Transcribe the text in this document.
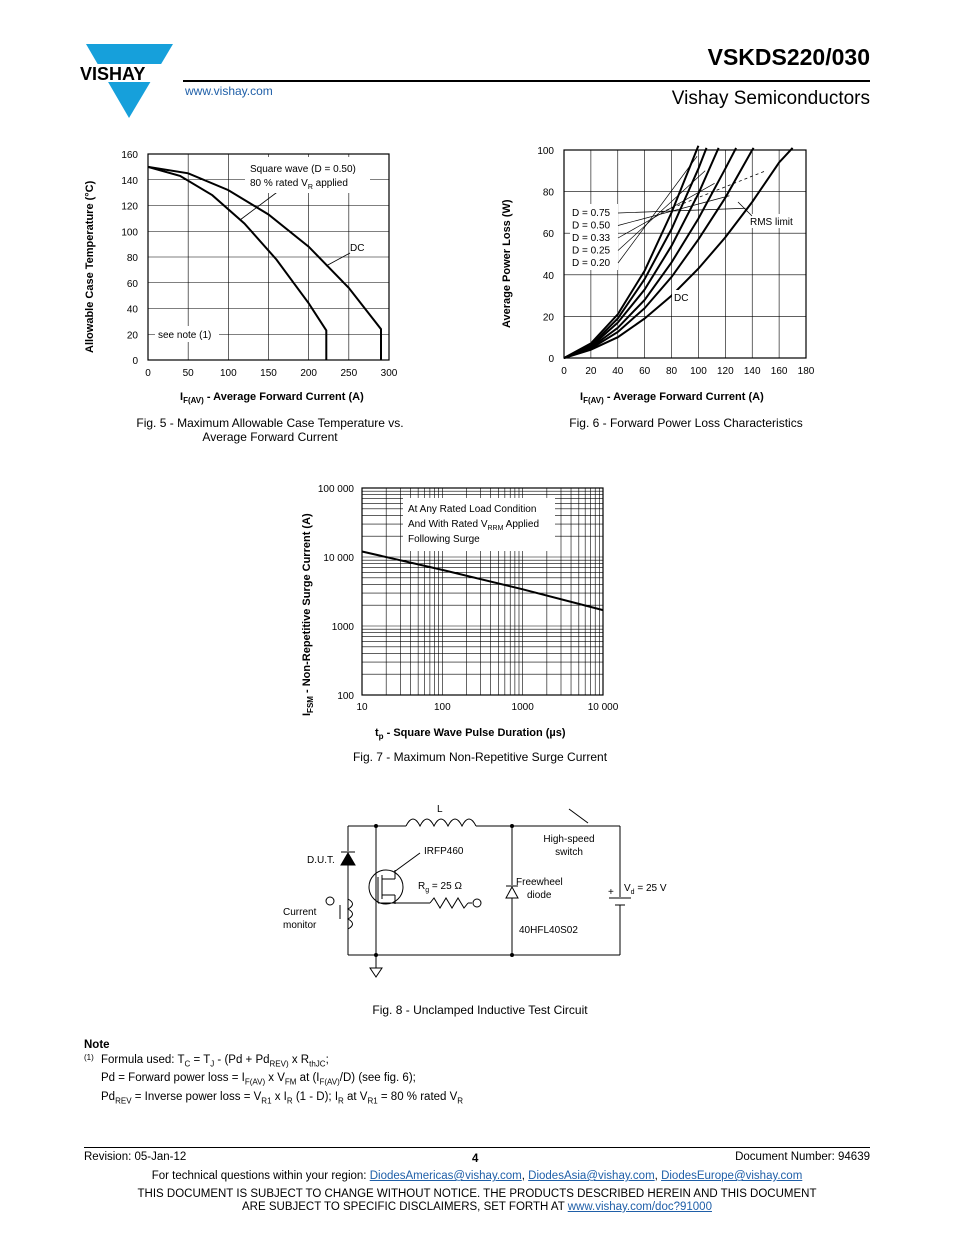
VISHAY
VSKDS220/030
Vishay Semiconductors
www.vishay.com
0	50	100 150 200 250 300
0
20
40
60
80
100
120
140
160
Allowable Case Temperature (°C)
Square wave (D = 0.50)
80 % rated $V_R$ applied
DC
see note (1)
$I_{F(AV)}$ - Average Forward Current (A)
Fig. 5 - Maximum Allowable Case Temperature vs.
Average Forward Current
0 20 40 60 80 100 120 140 160 180
0
20
40
60
80
100
Average Power Loss (W)	D = 0.75
D = 0.50
D = 0.33
D = 0.25
D = 0.20
RMS limit
DC
$I_{F(AV)}$ - Average Forward Current (A)
Fig. 6 - Forward Power Loss Characteristics
10	100	1000	10 000
100
1000
10 000
100 000
At Any Rated Load Condition
And With Rated $V_{RRM}$ Applied
Following Surge
$I_{FSM}$ - Non-Repetitive Surge Current (A)
$t_p$ - Square Wave Pulse Duration (µs)
Fig. 7 - Maximum Non-Repetitive Surge Current
L
High-speed
switch
D.U.T.
IRFP460
$R_g = 25$ Ω	Freewheel
diode
40HFL40S02
+ $V_d = 25$ V
Current
monitor
Fig. 8 - Unclamped Inductive Test Circuit
Note
(1) Formula used: $T_C = T_J - (Pd + Pd_{REV)}$ x $R_{thJC}$;
Pd = Forward power loss = $I_{F(AV)}$ x $V_{FM}$ at $(I_{F(AV)}/D)$ (see fig. 6);
$Pd_{REV}$ = Inverse power loss = $V_{R1}$ x $I_R$ (1 - D); $I_R$ at $V_{R1} = 80$ % rated $V_R$
Revision: 05-Jan-12	4	Document Number: 94639
For technical questions within your region: DiodesAmericas@vishay.com, DiodesAsia@vishay.com, DiodesEurope@vishay.com
THIS DOCUMENT IS SUBJECT TO CHANGE WITHOUT NOTICE. THE PRODUCTS DESCRIBED HEREIN AND THIS DOCUMENT
ARE SUBJECT TO SPECIFIC DISCLAIMERS, SET FORTH AT www.vishay.com/doc?91000
